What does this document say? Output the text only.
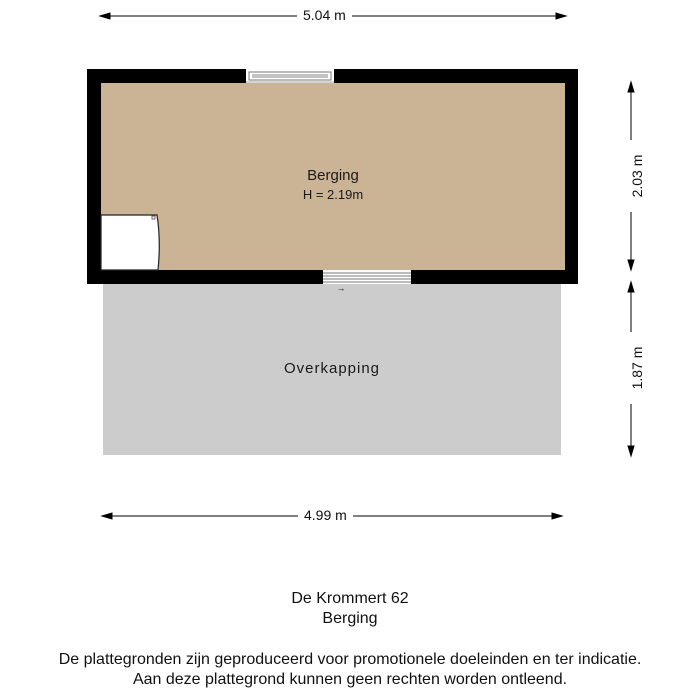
5.04 m
4.99 m
2.03 m
1.87 m
Berging
H = 2.19m
Overkapping
→
De Krommert 62
Berging
De plattegronden zijn geproduceerd voor promotionele doeleinden en ter indicatie.
Aan deze plattegrond kunnen geen rechten worden ontleend.
